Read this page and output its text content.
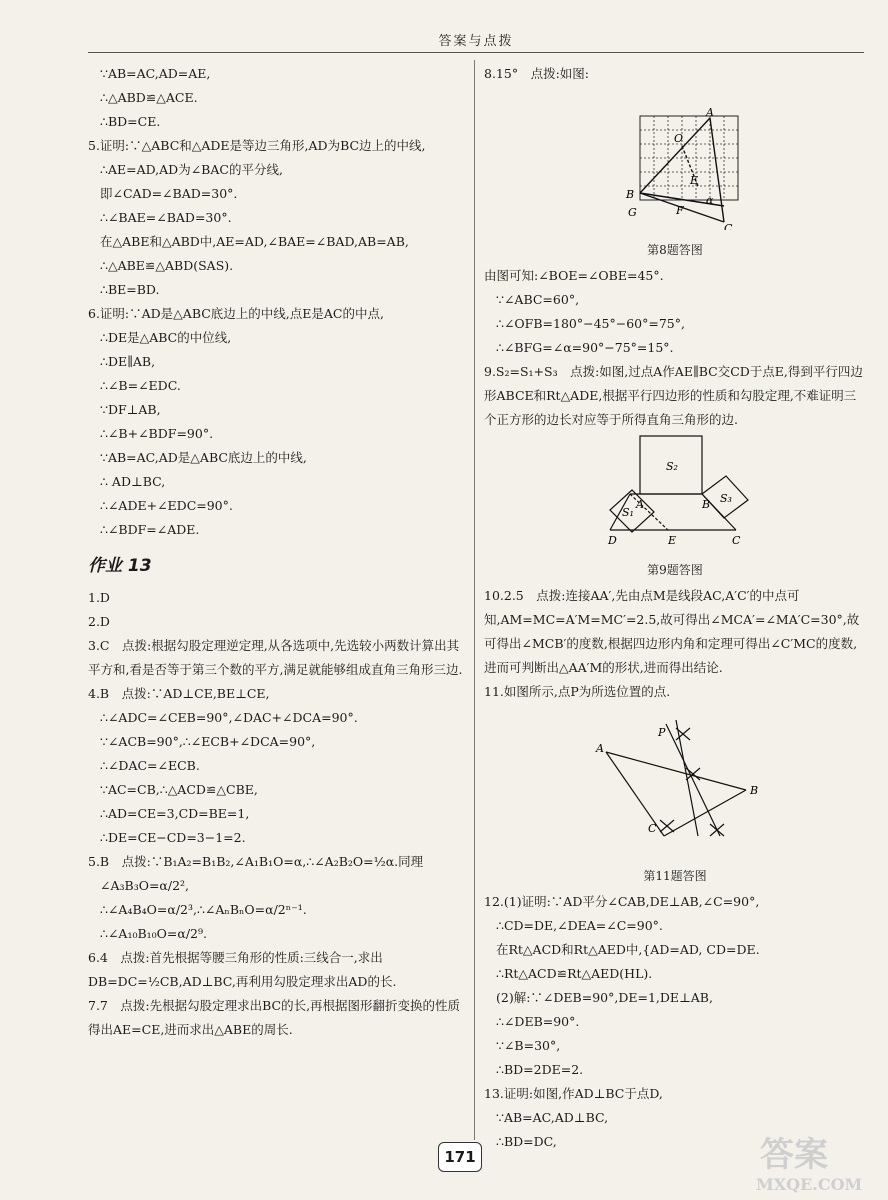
答案与点拨
∵AB=AC,AD=AE,
∴△ABD≌△ACE.
∴BD=CE.
5.证明:∵△ABC和△ADE是等边三角形,AD为BC边上的中线,
∴AE=AD,AD为∠BAC的平分线,
即∠CAD=∠BAD=30°.
∴∠BAE=∠BAD=30°.
在△ABE和△ABD中,AE=AD,∠BAE=∠BAD,AB=AB,
∴△ABE≌△ABD(SAS).
∴BE=BD.
6.证明:∵AD是△ABC底边上的中线,点E是AC的中点,
∴DE是△ABC的中位线,
∴DE∥AB,
∴∠B=∠EDC.
∵DF⊥AB,
∴∠B+∠BDF=90°.
∵AB=AC,AD是△ABC底边上的中线,
∴ AD⊥BC,
∴∠ADE+∠EDC=90°.
∴∠BDF=∠ADE.
作业 13
1.D
2.D
3.C　点拨:根据勾股定理逆定理,从各选项中,先选较小两数计算出其平方和,看是否等于第三个数的平方,满足就能够组成直角三角形三边.
4.B　点拨:∵AD⊥CE,BE⊥CE,
∴∠ADC=∠CEB=90°,∠DAC+∠DCA=90°.
∵∠ACB=90°,∴∠ECB+∠DCA=90°,
∴∠DAC=∠ECB.
∵AC=CB,∴△ACD≌△CBE,
∴AD=CE=3,CD=BE=1,
∴DE=CE−CD=3−1=2.
5.B　点拨:∵B₁A₂=B₁B₂,∠A₁B₁O=α,∴∠A₂B₂O=½α.同理
∠A₃B₃O=α/2²,
∴∠A₄B₄O=α/2³,∴∠AₙBₙO=α/2ⁿ⁻¹.
∴∠A₁₀B₁₀O=α/2⁹.
6.4　点拨:首先根据等腰三角形的性质:三线合一,求出DB=DC=½CB,AD⊥BC,再利用勾股定理求出AD的长.
7.7　点拨:先根据勾股定理求出BC的长,再根据图形翻折变换的性质得出AE=CE,进而求出△ABE的周长.
8.15°　点拨:如图:
A
O
E
B
G	F
α
C
第8题答图
由图可知:∠BOE=∠OBE=45°.
∵∠ABC=60°,
∴∠OFB=180°−45°−60°=75°,
∴∠BFG=∠α=90°−75°=15°.
9.S₂=S₁+S₃　点拨:如图,过点A作AE∥BC交CD于点E,得到平行四边形ABCE和Rt△ADE,根据平行四边形的性质和勾股定理,不难证明三个正方形的边长对应等于所得直角三角形的边.
S₂
S₁
S₃
A	B
D	E	C
第9题答图
10.2.5　点拨:连接AA′,先由点M是线段AC,A′C′的中点可知,AM=MC=A′M=MC′=2.5,故可得出∠MCA′=∠MA′C=30°,故可得出∠MCB′的度数,根据四边形内角和定理可得出∠C′MC的度数,进而可判断出△AA′M的形状,进而得出结论.
11.如图所示,点P为所选位置的点.
P
A
B
C
第11题答图
12.(1)证明:∵AD平分∠CAB,DE⊥AB,∠C=90°,
∴CD=DE,∠DEA=∠C=90°.
在Rt△ACD和Rt△AED中,{AD=AD, CD=DE.
∴Rt△ACD≌Rt△AED(HL).
(2)解:∵∠DEB=90°,DE=1,DE⊥AB,
∴∠DEB=90°.
∵∠B=30°,
∴BD=2DE=2.
13.证明:如图,作AD⊥BC于点D,
∵AB=AC,AD⊥BC,
∴BD=DC,
171	答案
MXQE.COM
